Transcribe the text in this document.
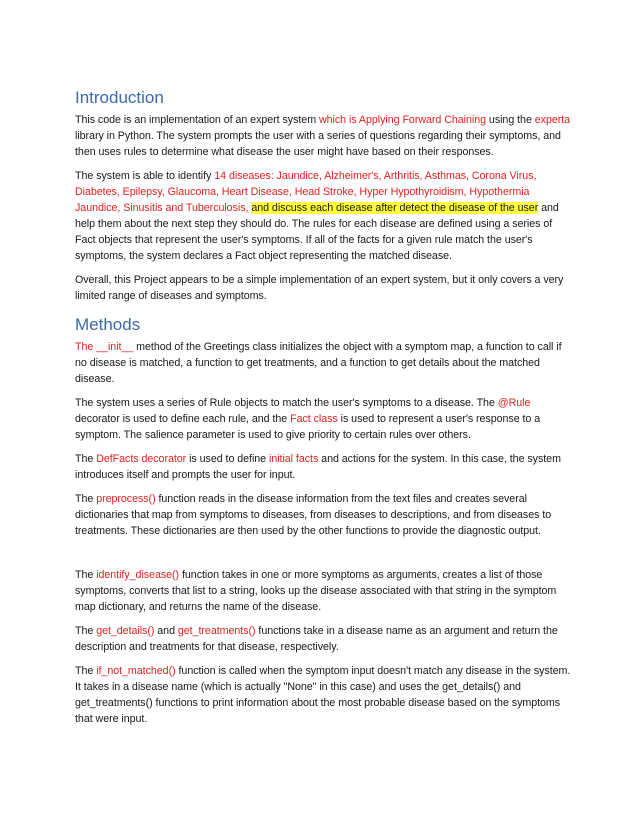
Introduction

This code is an implementation of an expert system which is Applying Forward Chaining using the experta library in Python. The system prompts the user with a series of questions regarding their symptoms, and then uses rules to determine what disease the user might have based on their responses.

The system is able to identify 14 diseases: Jaundice, Alzheimer's, Arthritis, Asthmas, Corona Virus, Diabetes, Epilepsy, Glaucoma, Heart Disease, Head Stroke, Hyper Hypothyroidism, Hypothermia Jaundice, Sinusitis and Tuberculosis, and discuss each disease after detect the disease of the user and help them about the next step they should do. The rules for each disease are defined using a series of Fact objects that represent the user's symptoms. If all of the facts for a given rule match the user's symptoms, the system declares a Fact object representing the matched disease.

Overall, this Project appears to be a simple implementation of an expert system, but it only covers a very limited range of diseases and symptoms.

Methods

The __init__ method of the Greetings class initializes the object with a symptom map, a function to call if no disease is matched, a function to get treatments, and a function to get details about the matched disease.

The system uses a series of Rule objects to match the user's symptoms to a disease. The @Rule decorator is used to define each rule, and the Fact class is used to represent a user's response to a symptom. The salience parameter is used to give priority to certain rules over others.

The DefFacts decorator is used to define initial facts and actions for the system. In this case, the system introduces itself and prompts the user for input.

The preprocess() function reads in the disease information from the text files and creates several dictionaries that map from symptoms to diseases, from diseases to descriptions, and from diseases to treatments. These dictionaries are then used by the other functions to provide the diagnostic output.

The identify_disease() function takes in one or more symptoms as arguments, creates a list of those symptoms, converts that list to a string, looks up the disease associated with that string in the symptom map dictionary, and returns the name of the disease.

The get_details() and get_treatments() functions take in a disease name as an argument and return the description and treatments for that disease, respectively.

The if_not_matched() function is called when the symptom input doesn't match any disease in the system. It takes in a disease name (which is actually "None" in this case) and uses the get_details() and get_treatments() functions to print information about the most probable disease based on the symptoms that were input.
